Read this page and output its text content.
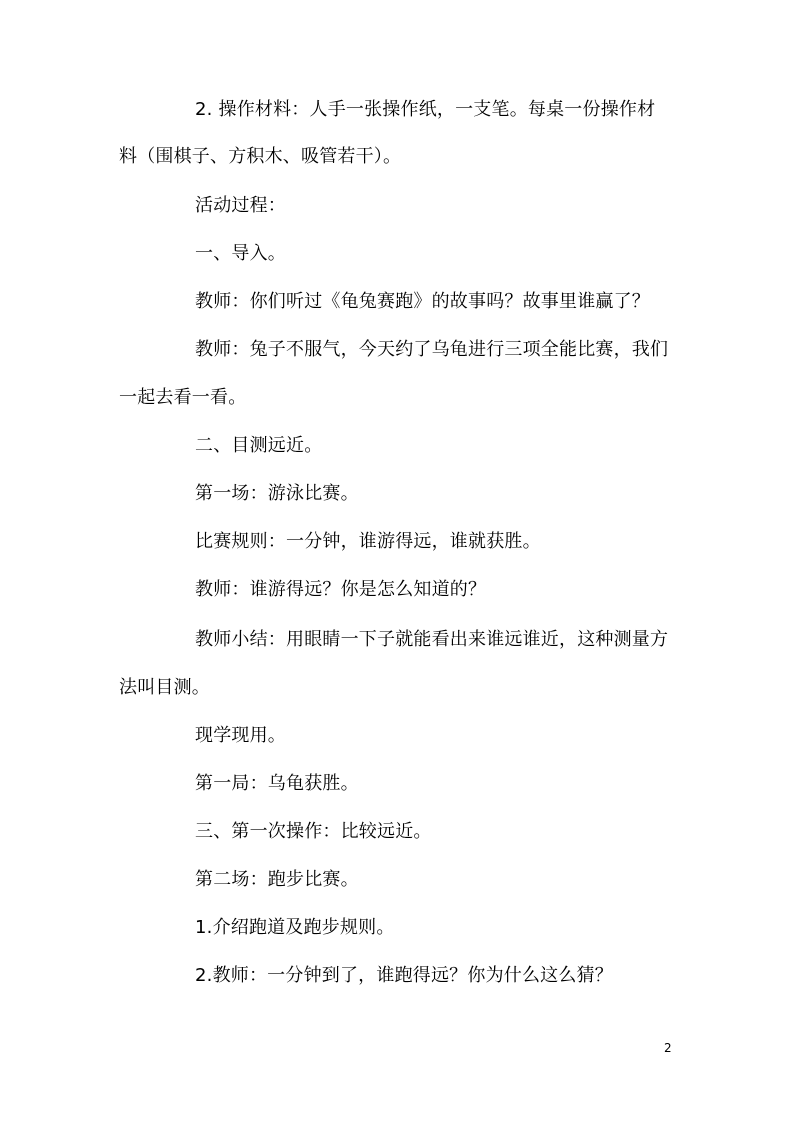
2. 操作材料：人手一张操作纸，一支笔。每桌一份操作材
料（围棋子、方积木、吸管若干）。
活动过程：
一、导入。
教师：你们听过《龟兔赛跑》的故事吗？故事里谁赢了？
教师：兔子不服气，今天约了乌龟进行三项全能比赛，我们
一起去看一看。
二、目测远近。
第一场：游泳比赛。
比赛规则：一分钟，谁游得远，谁就获胜。
教师：谁游得远？你是怎么知道的？
教师小结：用眼睛一下子就能看出来谁远谁近，这种测量方
法叫目测。
现学现用。
第一局：乌龟获胜。
三、第一次操作：比较远近。
第二场：跑步比赛。
1.介绍跑道及跑步规则。
2.教师：一分钟到了，谁跑得远？你为什么这么猜？
2
